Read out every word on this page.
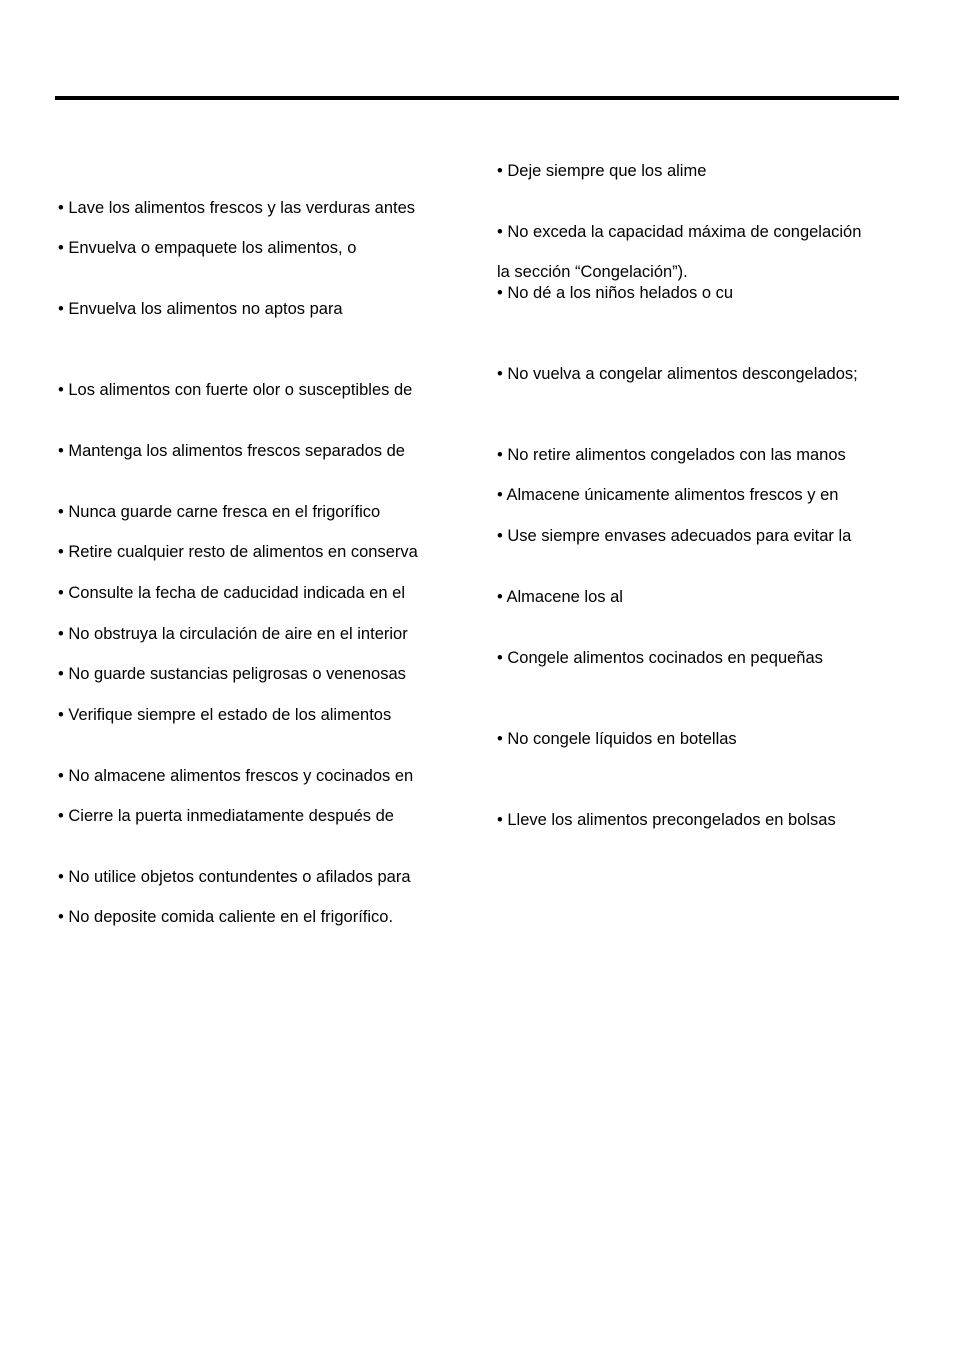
• Lave los alimentos frescos y las verduras antes
• Envuelva o empaquete los alimentos, o
• Envuelva los alimentos no aptos para
• Los alimentos con fuerte olor o susceptibles de
• Mantenga los alimentos frescos separados de
• Nunca guarde carne fresca en el frigorífico
• Retire cualquier resto de alimentos en conserva
• Consulte la fecha de caducidad indicada en el
• No obstruya la circulación de aire en el interior
• No guarde sustancias peligrosas o venenosas
• Verifique siempre el estado de los alimentos
• No almacene alimentos frescos y cocinados en
• Cierre la puerta inmediatamente después de
• No utilice objetos contundentes o afilados para
• No deposite comida caliente en el frigorífico.
• Deje siempre que los alime
• No exceda la capacidad máxima de congelación
la sección “Congelación”).
• No dé a los niños helados o cu
• No vuelva a congelar alimentos descongelados;
• No retire alimentos congelados con las manos
• Almacene únicamente alimentos frescos y en
• Use siempre envases adecuados para evitar la
• Almacene los al
• Congele alimentos cocinados en pequeñas
• No congele líquidos en botellas
• Lleve los alimentos precongelados en bolsas
